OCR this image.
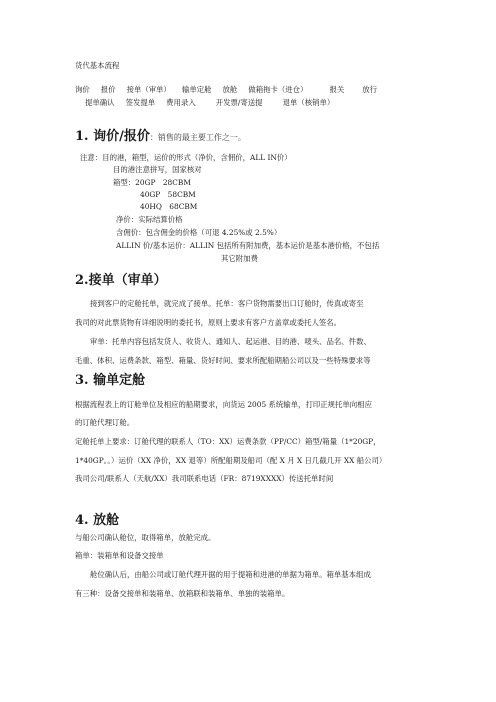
货代基本流程
询价 报价 接单（审单） 输单定舱 放舱 做箱拖卡（进仓）	报关 放行
提单确认 签发提单 费用录入	开发票/寄送提	退单（核销单）
1. 询价/报价：销售的最主要工作之一。
注意：目的港，箱型，运价的形式（净价，含佣价，ALL IN价）
目的港注意拼写，国家核对
箱型：20GP　28CBM
40GP　58CBM
40HQ　68CBM
净价：实际结算价格
含佣价：包含佣金的价格（可退 4.25%或 2.5%）
ALLIN 价/基本运价：ALLIN 包括所有附加费，基本运价是基本港价格，不包括
其它附加费
2.接单（审单）
接到客户的定舱托单，就完成了接单。托单：客户货物需要出口订舱时，传真或寄至
我司的对此票货物有详细说明的委托书，原则上要求有客户方盖章或委托人签名。
审单：托单内容包括发货人、收货人、通知人、起运港、目的港、唛头、品名、件数、
毛重、体积、运费条款、箱型、箱量、货好时间、要求所配船期船公司以及一些特殊要求等
3. 输单定舱
根据流程表上的订舱单位及相应的船期要求，向货运 2005 系统输单，打印正规托单向相应
的订舱代理订舱。
定舱托单上要求：订舱代理的联系人（TO：XX）运费条款（PP/CC）箱型/箱量（1*20GP，
1*40GP。。）运价（XX 净价，XX 退等）所配船期及船司（配 X 月 X 日几截几开 XX 船公司）
我司公司/联系人（天航/XX）我司联系电话（FR：8719XXXX）传送托单时间
4. 放舱
与船公司确认舱位，取得箱单，放舱完成。
箱单：装箱单和设备交接单
舱位确认后，由船公司或订舱代理开据的用于提箱和进港的单据为箱单。箱单基本组成
有三种：设备交接单和装箱单、放箱联和装箱单、单独的装箱单。
